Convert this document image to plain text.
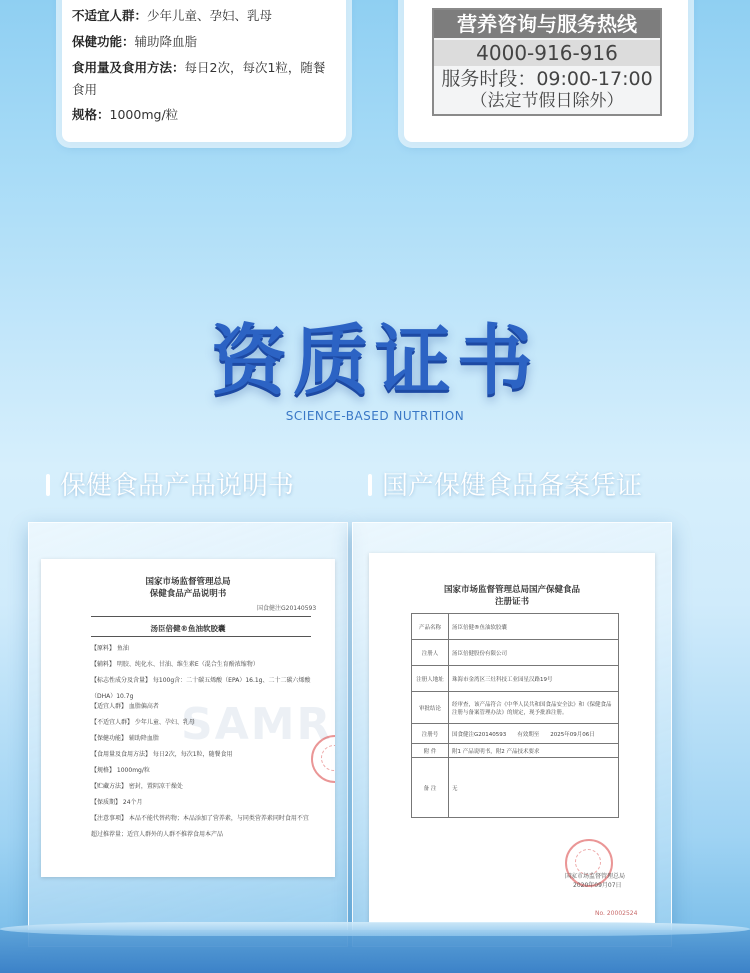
不适宜人群：少年儿童、孕妇、乳母
保健功能：辅助降血脂
食用量及食用方法：每日2次，每次1粒，随餐
食用
规格：1000mg/粒
营养咨询与服务热线
4000-916-916
服务时段：09:00-17:00
（法定节假日除外）
资质证书
SCIENCE-BASED NUTRITION
保健食品产品说明书	国产保健食品备案凭证
国家市场监督管理总局
保健食品产品说明书
国食健注G20140593
汤臣倍健®鱼油软胶囊
SAMR
【原料】 鱼油
【辅料】 明胶、纯化水、甘油、维生素E（混合生育酚浓缩物）
【标志性成分及含量】 每100g含：二十碳五烯酸（EPA）16.1g、二十二碳六烯酸
（DHA）10.7g
【适宜人群】 血脂偏高者
【不适宜人群】 少年儿童、孕妇、乳母
【保健功能】 辅助降血脂
【食用量及食用方法】 每日2次，每次1粒，随餐食用
【规格】 1000mg/粒
【贮藏方法】 密封，置阴凉干燥处
【保质期】 24个月
【注意事项】 本品不能代替药物；本品添加了营养素，与同类营养素同时食用不宜
超过推荐量；适宜人群外的人群不推荐食用本产品
国家市场监督管理总局国产保健食品
注册证书
产品名称	汤臣倍健®鱼油软胶囊
注册人	汤臣倍健股份有限公司
注册人地址	珠海市金湾区三灶科技工业园星汉路19号
审批结论	经审查，该产品符合《中华人民共和国食品安全法》和《保健食品注册与备案管理办法》的规定，现予批准注册。
注册号	国食健注G20140593　　有效期至　　2025年09月06日
附 件	附1 产品说明书，附2 产品技术要求
备 注	无
国家市场监督管理总局
2020年09月07日
No. 20002524
